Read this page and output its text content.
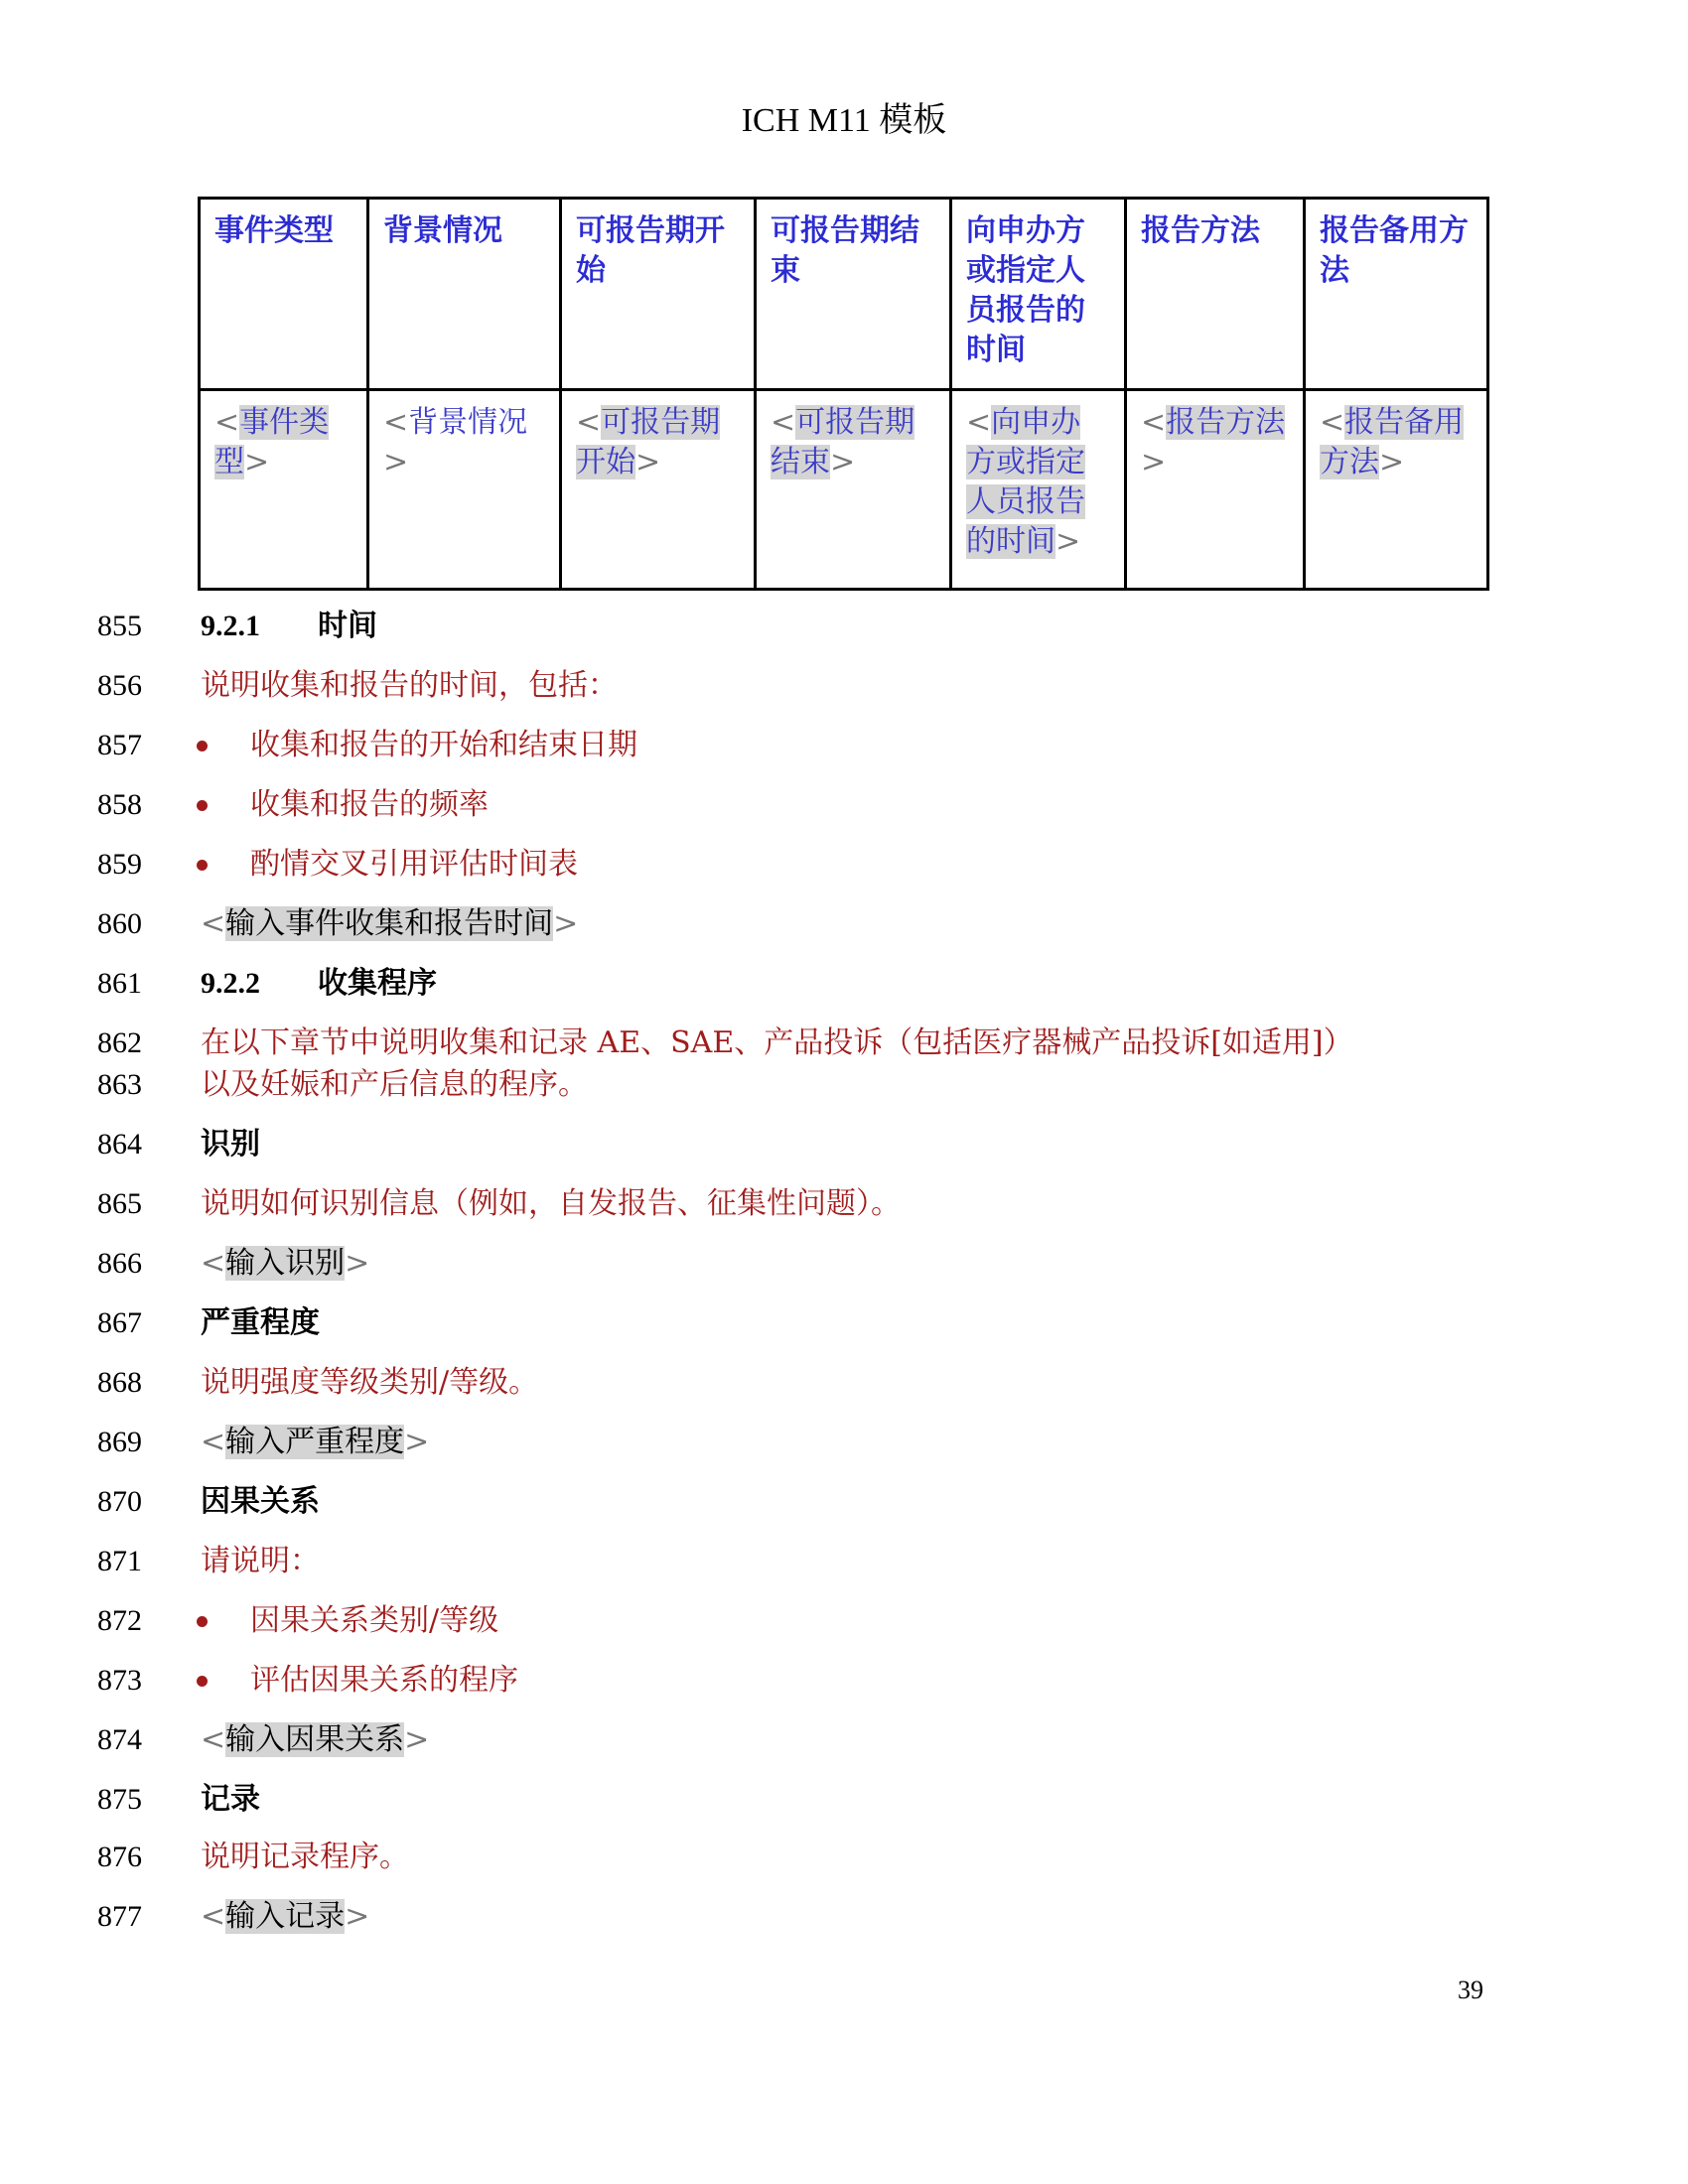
ICH M11 模板
事件类型	背景情况	可报告期开始	可报告期结束	向申办方或指定人员报告的时间	报告方法	报告备用方法
<事件类型>	<背景情况>	<可报告期开始>	<可报告期结束>	<向申办方或指定人员报告的时间>	<报告方法>	<报告备用方法>
855	9.2.1 时间
856	说明收集和报告的时间，包括：
857	收集和报告的开始和结束日期
858	收集和报告的频率
859	酌情交叉引用评估时间表
860	<输入事件收集和报告时间>
861	9.2.2 收集程序
862	在以下章节中说明收集和记录 AE、SAE、产品投诉（包括医疗器械产品投诉[如适用]）
863	以及妊娠和产后信息的程序。
864	识别
865	说明如何识别信息（例如，自发报告、征集性问题）。
866	<输入识别>
867	严重程度
868	说明强度等级类别/等级。
869	<输入严重程度>
870	因果关系
871	请说明：
872	因果关系类别/等级
873	评估因果关系的程序
874	<输入因果关系>
875	记录
876	说明记录程序。
877	<输入记录>
39
